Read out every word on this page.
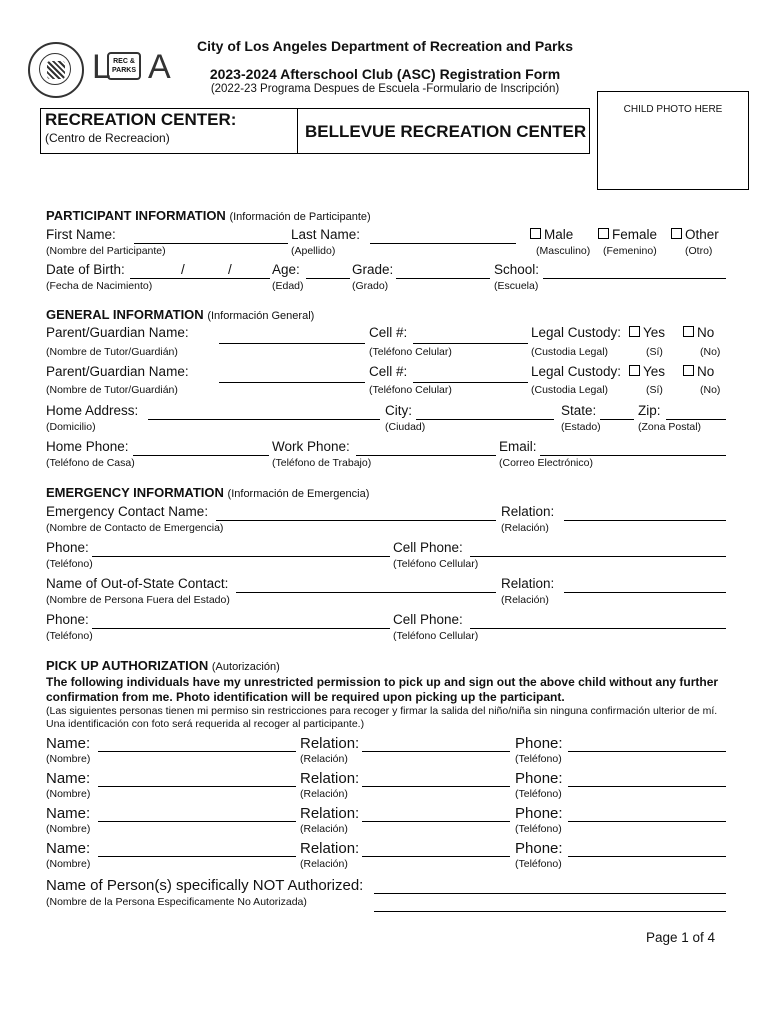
L REC & PARKS A
City of Los Angeles Department of Recreation and Parks
2023-2024 Afterschool Club (ASC) Registration Form
(2022-23 Programa Despues de Escuela -Formulario de Inscripción)
CHILD PHOTO HERE
RECREATION CENTER:
(Centro de Recreacion)	BELLEVUE RECREATION CENTER
PARTICIPANT INFORMATION (Información de Participante)
First Name:
(Nombre del Participante)
Last Name:
(Apellido)
Male	Female	Other
(Masculino) (Femenino)	(Otro)
Date of Birth:	/	/
(Fecha de Nacimiento)
Age:
(Edad)
Grade:
(Grado)
School:
(Escuela)
GENERAL INFORMATION (Información General)
Parent/Guardian Name:
(Nombre de Tutor/Guardián)
Cell #:
(Teléfono Celular)
Legal Custody:
(Custodia Legal)
Yes	No
(Sí)	(No)
Parent/Guardian Name:
(Nombre de Tutor/Guardián)
Cell #:
(Teléfono Celular)
Legal Custody:
(Custodia Legal)
Yes	No
(Sí)	(No)
Home Address:
(Domicilio)
City:
(Ciudad)
State:
(Estado)
Zip:
(Zona Postal)
Home Phone:
(Teléfono de Casa)
Work Phone:
(Teléfono de Trabajo)
Email:
(Correo Electrónico)
EMERGENCY INFORMATION (Información de Emergencia)
Emergency Contact Name:
(Nombre de Contacto de Emergencia)
Relation:
(Relación)
Phone:
(Teléfono)
Cell Phone:
(Teléfono Cellular)
Name of Out-of-State Contact:
(Nombre de Persona Fuera del Estado)
Relation:
(Relación)
Phone:
(Teléfono)
Cell Phone:
(Teléfono Cellular)
PICK UP AUTHORIZATION (Autorización)
The following individuals have my unrestricted permission to pick up and sign out the above child without any further confirmation from me. Photo identification will be required upon picking up the participant.
(Las siguientes personas tienen mi permiso sin restricciones para recoger y firmar la salida del niño/niña sin ninguna confirmación ulterior de mí. Una identificación con foto será requerida al recoger al participante.)
Name:
(Nombre)
Relation:
(Relación)
Phone:
(Teléfono)
Name:
(Nombre)
Relation:
(Relación)
Phone:
(Teléfono)
Name:
(Nombre)
Relation:
(Relación)
Phone:
(Teléfono)
Name:
(Nombre)
Relation:
(Relación)
Phone:
(Teléfono)
Name of Person(s) specifically NOT Authorized:
(Nombre de la Persona Especificamente No Autorizada)
Page 1 of 4
